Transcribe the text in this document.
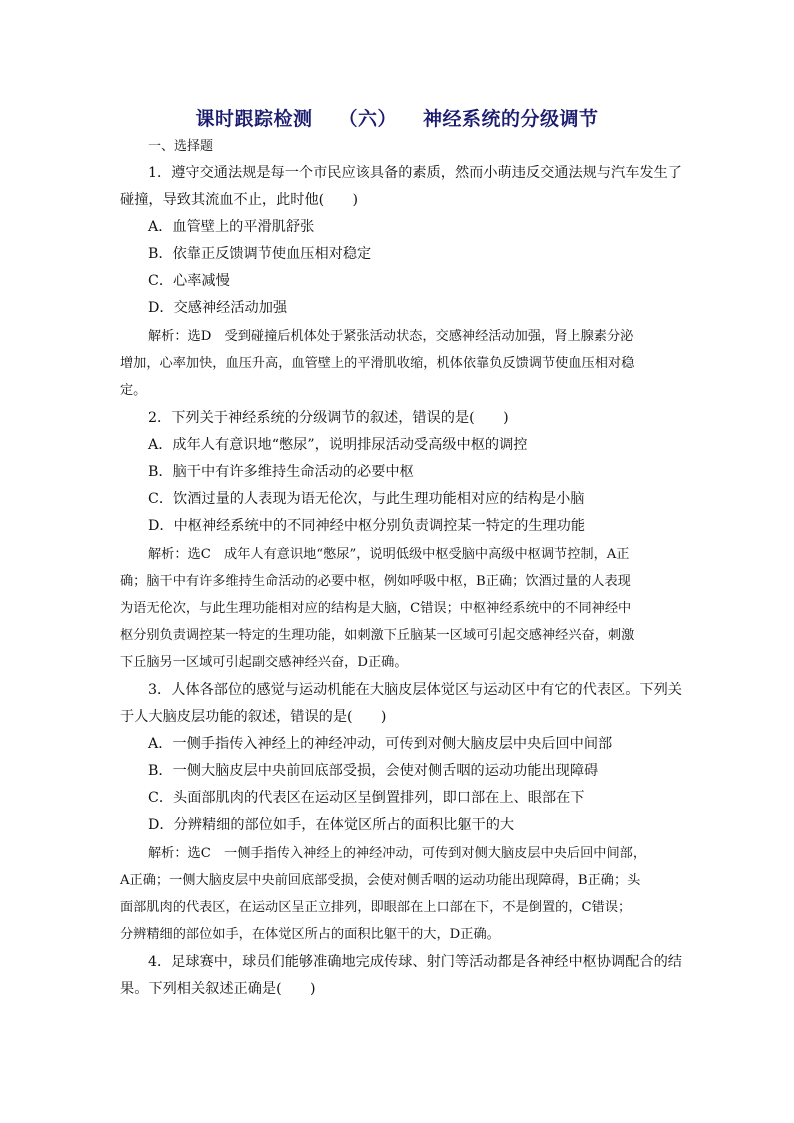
课时跟踪检测 （六） 神经系统的分级调节
一、选择题
1．遵守交通法规是每一个市民应该具备的素质，然而小萌违反交通法规与汽车发生了
碰撞，导致其流血不止，此时他(　　)
A．血管壁上的平滑肌舒张
B．依靠正反馈调节使血压相对稳定
C．心率减慢
D．交感神经活动加强
解析：选D　受到碰撞后机体处于紧张活动状态，交感神经活动加强，肾上腺素分泌
增加，心率加快，血压升高，血管壁上的平滑肌收缩，机体依靠负反馈调节使血压相对稳
定。
2．下列关于神经系统的分级调节的叙述，错误的是(　　)
A．成年人有意识地“憋尿”，说明排尿活动受高级中枢的调控
B．脑干中有许多维持生命活动的必要中枢
C．饮酒过量的人表现为语无伦次，与此生理功能相对应的结构是小脑
D．中枢神经系统中的不同神经中枢分别负责调控某一特定的生理功能
解析：选C　成年人有意识地“憋尿”，说明低级中枢受脑中高级中枢调节控制，A正
确；脑干中有许多维持生命活动的必要中枢，例如呼吸中枢，B正确；饮酒过量的人表现
为语无伦次，与此生理功能相对应的结构是大脑，C错误；中枢神经系统中的不同神经中
枢分别负责调控某一特定的生理功能，如刺激下丘脑某一区域可引起交感神经兴奋，刺激
下丘脑另一区域可引起副交感神经兴奋，D正确。
3．人体各部位的感觉与运动机能在大脑皮层体觉区与运动区中有它的代表区。下列关
于人大脑皮层功能的叙述，错误的是(　　)
A．一侧手指传入神经上的神经冲动，可传到对侧大脑皮层中央后回中间部
B．一侧大脑皮层中央前回底部受损，会使对侧舌咽的运动功能出现障碍
C．头面部肌肉的代表区在运动区呈倒置排列，即口部在上、眼部在下
D．分辨精细的部位如手，在体觉区所占的面积比躯干的大
解析：选C　一侧手指传入神经上的神经冲动，可传到对侧大脑皮层中央后回中间部，
A正确；一侧大脑皮层中央前回底部受损，会使对侧舌咽的运动功能出现障碍，B正确；头
面部肌肉的代表区，在运动区呈正立排列，即眼部在上口部在下，不是倒置的，C错误；
分辨精细的部位如手，在体觉区所占的面积比躯干的大，D正确。
4．足球赛中，球员们能够准确地完成传球、射门等活动都是各神经中枢协调配合的结
果。下列相关叙述正确是(　　)
